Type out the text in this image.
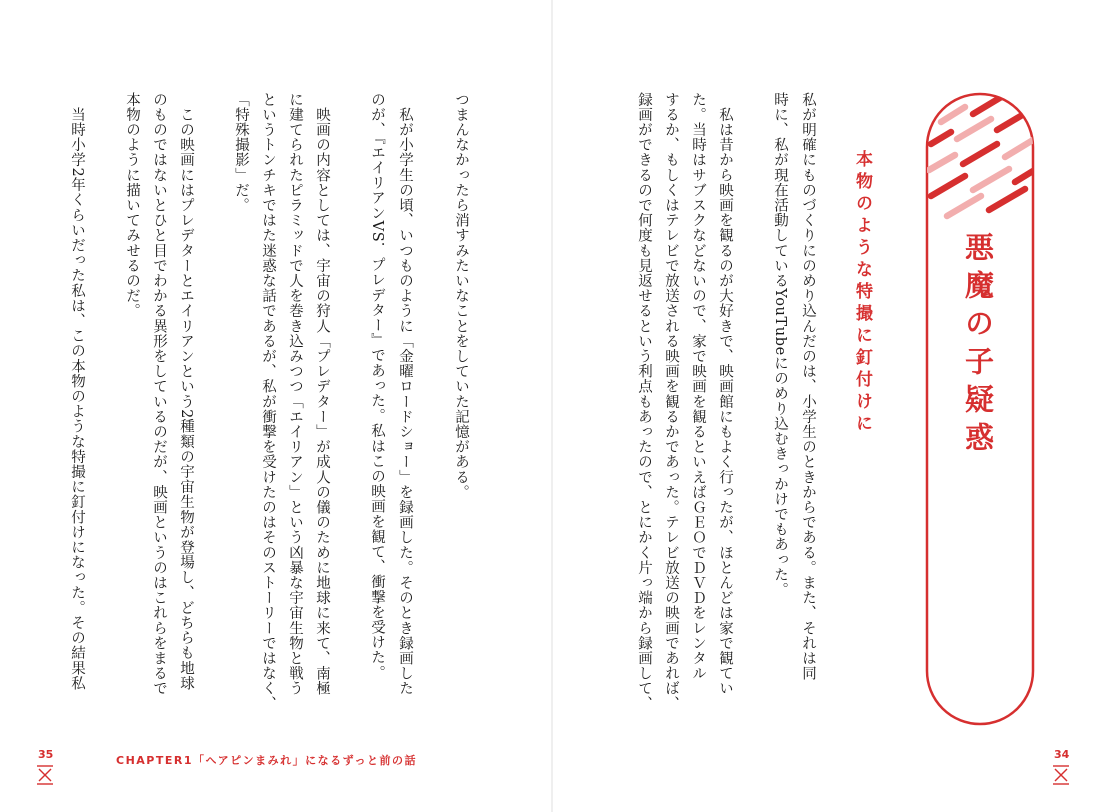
悪魔の子疑惑
本物のような特撮に釘付けに
私が明確にものづくりにのめり込んだのは、小学生のときからである。また、それは同
時に、私が現在活動しているYouTubeにのめり込むきっかけでもあった。
　私は昔から映画を観るのが大好きで、映画館にもよく行ったが、ほとんどは家で観てい
た。当時はサブスクなどないので、家で映画を観るといえばＧＥＯでＤＶＤをレンタル
するか、もしくはテレビで放送される映画を観るかであった。テレビ放送の映画であれば、
録画ができるので何度も見返せるという利点もあったので、とにかく片っ端から録画して、
つまんなかったら消すみたいなことをしていた記憶がある。
　私が小学生の頃、いつものように「金曜ロードショー」を録画した。そのとき録画した
のが、『エイリアンVS．プレデター』であった。私はこの映画を観て、衝撃を受けた。
　映画の内容としては、宇宙の狩人「プレデター」が成人の儀のために地球に来て、南極
に建てられたピラミッドで人を巻き込みつつ「エイリアン」という凶暴な宇宙生物と戦う
というトンチキではた迷惑な話であるが、私が衝撃を受けたのはそのストーリーではなく、
「特殊撮影」だ。
　この映画にはプレデターとエイリアンという2種類の宇宙生物が登場し、どちらも地球
のものではないとひと目でわかる異形をしているのだが、映画というのはこれらをまるで
本物のように描いてみせるのだ。
　当時小学2年くらいだった私は、この本物のような特撮に釘付けになった。その結果私
35	CHAPTER1「ヘアピンまみれ」になるずっと前の話	34
